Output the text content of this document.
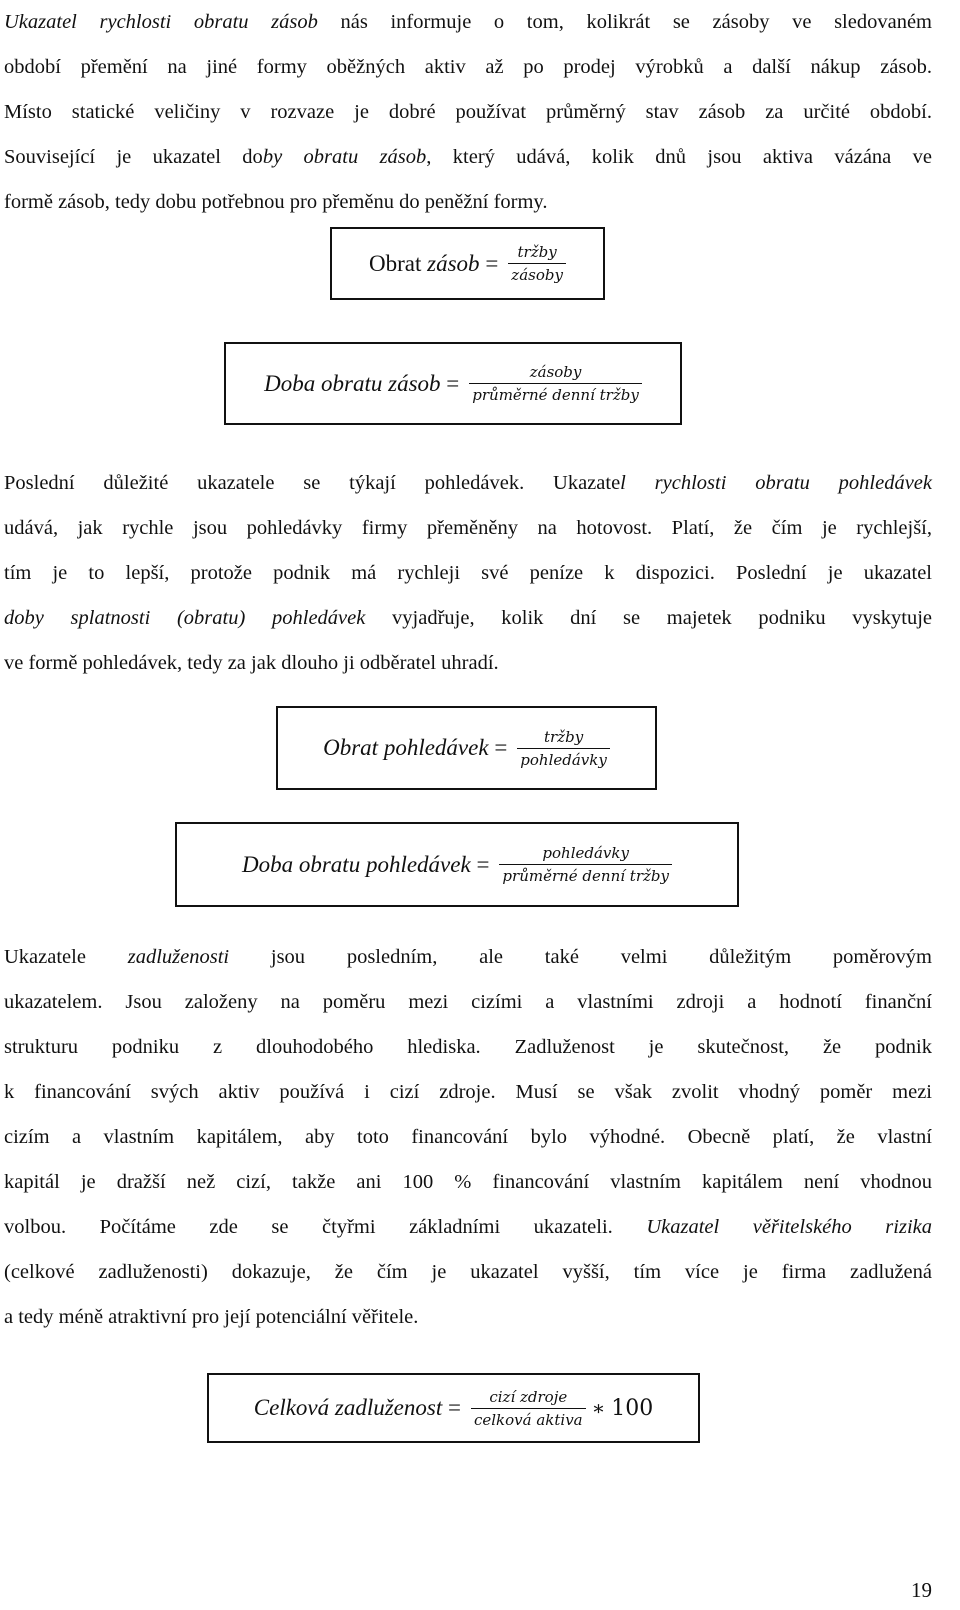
Ukazatel rychlosti obratu zásob nás informuje o tom, kolikrát se zásoby ve sledovaném
období přemění na jiné formy oběžných aktiv až po prodej výrobků a další nákup zásob.
Místo statické veličiny v rozvaze je dobré používat průměrný stav zásob za určité období.
Související je ukazatel doby obratu zásob, který udává, kolik dnů jsou aktiva vázána ve
formě zásob, tedy dobu potřebnou pro přeměnu do peněžní formy.
Obrat zásob = $\frac{\text{tržby}}{\text{zásoby}}$
Doba obratu zásob = $\frac{\text{zásoby}}{\text{průměrné denní tržby}}$
Poslední důležité ukazatele se týkají pohledávek. Ukazatel rychlosti obratu pohledávek
udává, jak rychle jsou pohledávky firmy přeměněny na hotovost. Platí, že čím je rychlejší,
tím je to lepší, protože podnik má rychleji své peníze k dispozici. Poslední je ukazatel
doby splatnosti (obratu) pohledávek vyjadřuje, kolik dní se majetek podniku vyskytuje
ve formě pohledávek, tedy za jak dlouho ji odběratel uhradí.
Obrat pohledávek = $\frac{\text{tržby}}{\text{pohledávky}}$
Doba obratu pohledávek = $\frac{\text{pohledávky}}{\text{průměrné denní tržby}}$
Ukazatele zadluženosti jsou posledním, ale také velmi důležitým poměrovým
ukazatelem. Jsou založeny na poměru mezi cizími a vlastními zdroji a hodnotí finanční
strukturu podniku z dlouhodobého hlediska. Zadluženost je skutečnost, že podnik
k financování svých aktiv používá i cizí zdroje. Musí se však zvolit vhodný poměr mezi
cizím a vlastním kapitálem, aby toto financování bylo výhodné. Obecně platí, že vlastní
kapitál je dražší než cizí, takže ani 100 % financování vlastním kapitálem není vhodnou
volbou. Počítáme zde se čtyřmi základními ukazateli. Ukazatel věřitelského rizika
(celkové zadluženosti) dokazuje, že čím je ukazatel vyšší, tím více je firma zadlužená
a tedy méně atraktivní pro její potenciální věřitele.
Celková zadluženost = $\frac{\text{cizí zdroje}}{\text{celková aktiva}}$ ∗ 100
19
